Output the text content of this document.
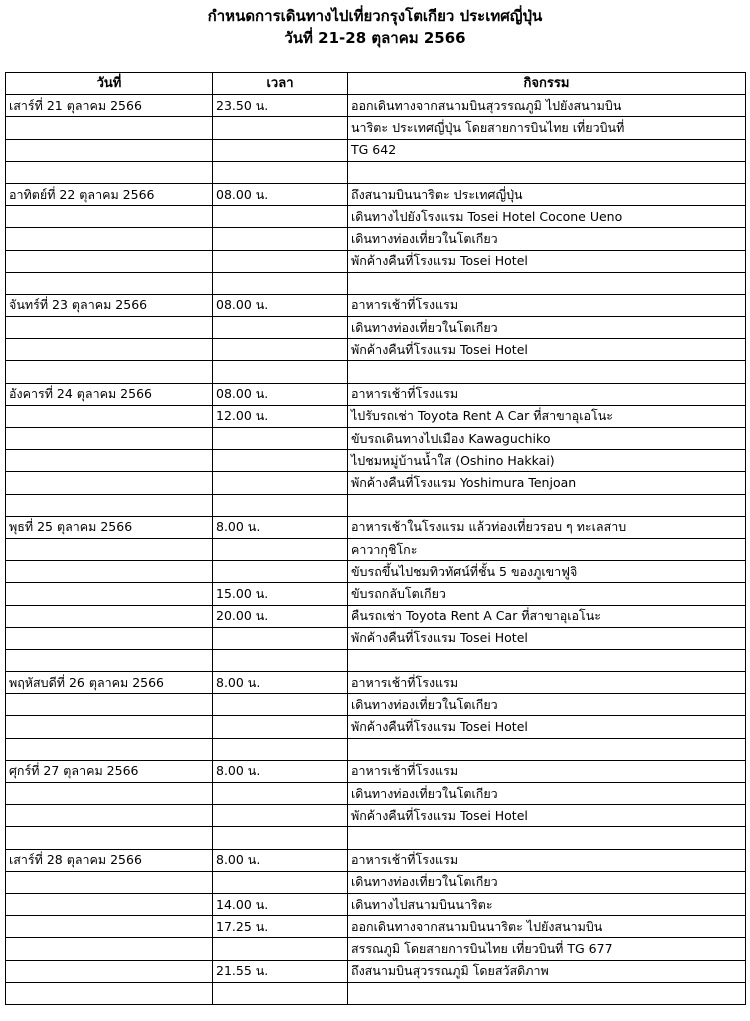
กำหนดการเดินทางไปเที่ยวกรุงโตเกียว ประเทศญี่ปุ่น
วันที่ 21-28 ตุลาคม 2566
วันที่	เวลา	กิจกรรม
เสาร์ที่ 21 ตุลาคม 2566	23.50 น.	ออกเดินทางจากสนามบินสุวรรณภูมิ ไปยังสนามบิน
		นาริตะ ประเทศญี่ปุ่น โดยสายการบินไทย เที่ยวบินที่
		TG 642

อาทิตย์ที่ 22 ตุลาคม 2566	08.00 น.	ถึงสนามบินนาริตะ ประเทศญี่ปุ่น
		เดินทางไปยังโรงแรม Tosei Hotel Cocone Ueno
		เดินทางท่องเที่ยวในโตเกียว
		พักค้างคืนที่โรงแรม Tosei Hotel

จันทร์ที่ 23 ตุลาคม 2566	08.00 น.	อาหารเช้าที่โรงแรม
		เดินทางท่องเที่ยวในโตเกียว
		พักค้างคืนที่โรงแรม Tosei Hotel

อังคารที่ 24 ตุลาคม 2566	08.00 น.	อาหารเช้าที่โรงแรม
	12.00 น.	ไปรับรถเช่า Toyota Rent A Car ที่สาขาอุเอโนะ
		ขับรถเดินทางไปเมือง Kawaguchiko
		ไปชมหมู่บ้านน้ำใส (Oshino Hakkai)
		พักค้างคืนที่โรงแรม Yoshimura Tenjoan

พุธที่ 25 ตุลาคม 2566	8.00 น.	อาหารเช้าในโรงแรม แล้วท่องเที่ยวรอบ ๆ ทะเลสาบ
		คาวากุชิโกะ
		ขับรถขึ้นไปชมทิวทัศน์ที่ชั้น 5 ของภูเขาฟูจิ
	15.00 น.	ขับรถกลับโตเกียว
	20.00 น.	คืนรถเช่า Toyota Rent A Car ที่สาขาอุเอโนะ
		พักค้างคืนที่โรงแรม Tosei Hotel

พฤหัสบดีที่ 26 ตุลาคม 2566	8.00 น.	อาหารเช้าที่โรงแรม
		เดินทางท่องเที่ยวในโตเกียว
		พักค้างคืนที่โรงแรม Tosei Hotel

ศุกร์ที่ 27 ตุลาคม 2566	8.00 น.	อาหารเช้าที่โรงแรม
		เดินทางท่องเที่ยวในโตเกียว
		พักค้างคืนที่โรงแรม Tosei Hotel

เสาร์ที่ 28 ตุลาคม 2566	8.00 น.	อาหารเช้าที่โรงแรม
		เดินทางท่องเที่ยวในโตเกียว
	14.00 น.	เดินทางไปสนามบินนาริตะ
	17.25 น.	ออกเดินทางจากสนามบินนาริตะ ไปยังสนามบิน
		สรรณภูมิ โดยสายการบินไทย เที่ยวบินที่ TG 677
	21.55 น.	ถึงสนามบินสุวรรณภูมิ โดยสวัสดิภาพ
